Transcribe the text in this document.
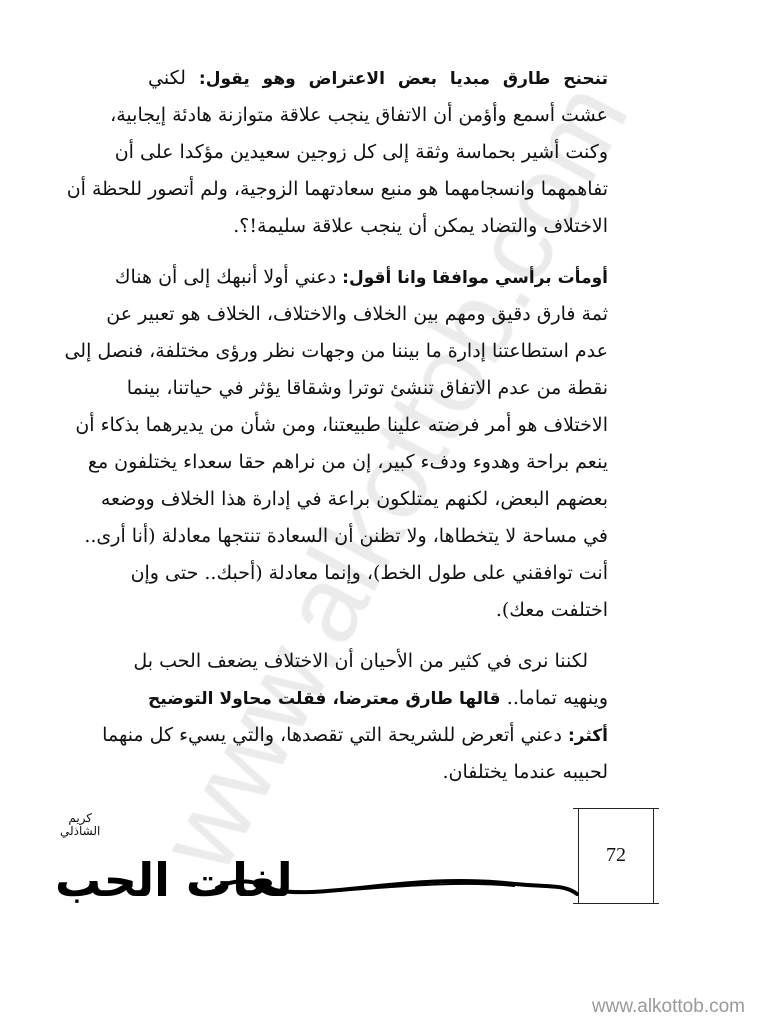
تنحنح طارق مبديا بعض الاعتراض وهو يقول: لكني
عشت أسمع وأؤمن أن الاتفاق ينجب علاقة متوازنة هادئة إيجابية،
وكنت أشير بحماسة وثقة إلى كل زوجين سعيدين مؤكدا على أن
تفاهمهما وانسجامهما هو منبع سعادتهما الزوجية، ولم أتصور للحظة أن
الاختلاف والتضاد يمكن أن ينجب علاقة سليمة!؟.
أومأت برأسي موافقا وانا أقول: دعني أولا أنبهك إلى أن هناك
ثمة فارق دقيق ومهم بين الخلاف والاختلاف، الخلاف هو تعبير عن
عدم استطاعتنا إدارة ما بيننا من وجهات نظر ورؤى مختلفة، فنصل إلى
نقطة من عدم الاتفاق تنشئ توترا وشقاقا يؤثر في حياتنا، بينما
الاختلاف هو أمر فرضته علينا طبيعتنا، ومن شأن من يديرهما بذكاء أن
ينعم براحة وهدوء ودفء كبير، إن من نراهم حقا سعداء يختلفون مع
بعضهم البعض، لكنهم يمتلكون براعة في إدارة هذا الخلاف ووضعه
في مساحة لا يتخطاها، ولا تظنن أن السعادة تنتجها معادلة (أنا أرى..
أنت توافقني على طول الخط)، وإنما معادلة (أحبك.. حتى وإن
اختلفت معك).
لكننا نرى في كثير من الأحيان أن الاختلاف يضعف الحب بل
وينهيه تماما.. قالها طارق معترضا، فقلت محاولا التوضيح
أكثر: دعني أتعرض للشريحة التي تقصدها، والتي يسيء كل منهما
لحبيبه عندما يختلفان.
72
كريم
الشاذلي
لغات الحب
www.alkottob.com
